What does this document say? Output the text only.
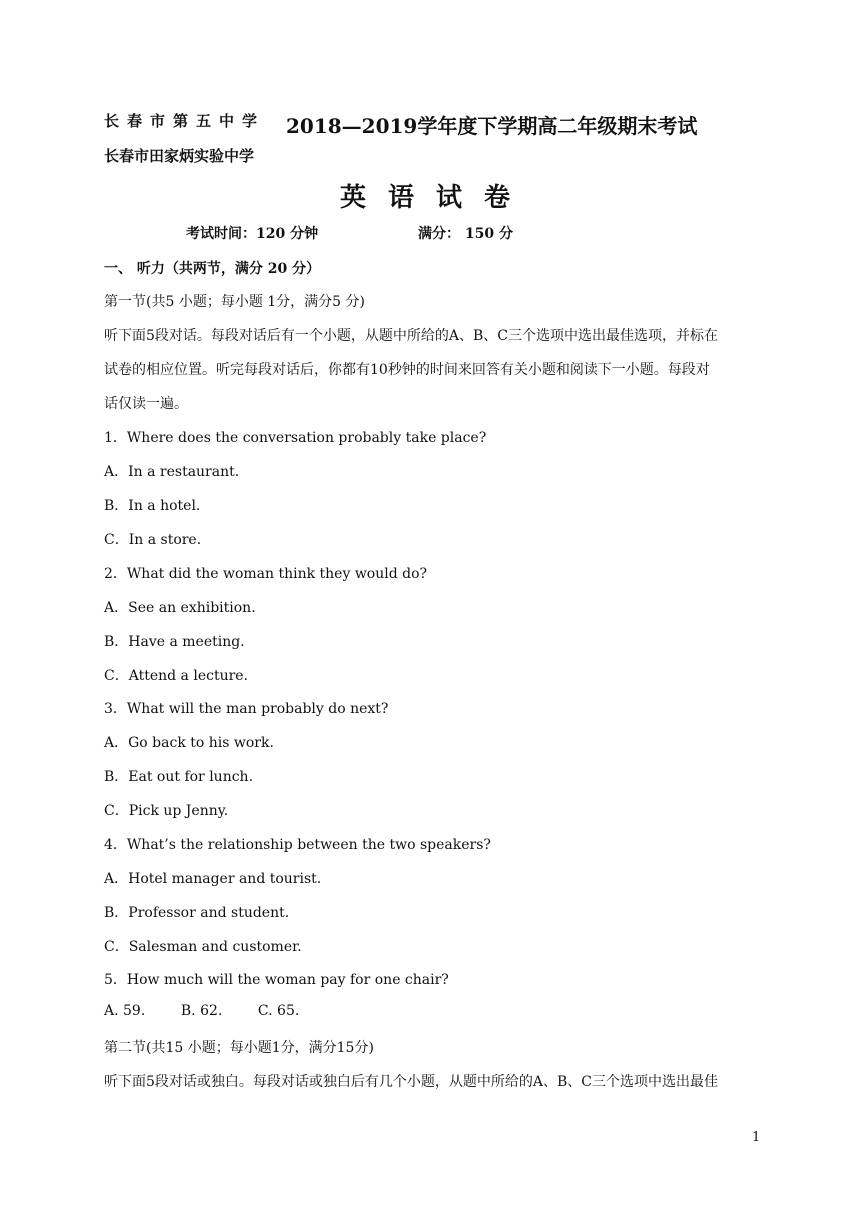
长春市第五中学 2018—2019学年度下学期高二年级期末考试
长春市田家炳实验中学
英语试卷
考试时间：120 分钟	满分： 150 分
一、 听力（共两节，满分 20 分）
第一节(共5 小题；每小题 1分，满分5 分)
听下面5段对话。每段对话后有一个小题，从题中所给的A、B、C三个选项中选出最佳选项，并标在
试卷的相应位置。听完每段对话后，你都有10秒钟的时间来回答有关小题和阅读下一小题。每段对
话仅读一遍。
1．Where does the conversation probably take place?
A．In a restaurant.
B．In a hotel.
C．In a store.
2．What did the woman think they would do?
A．See an exhibition.
B．Have a meeting.
C．Attend a lecture.
3．What will the man probably do next?
A．Go back to his work.
B．Eat out for lunch.
C．Pick up Jenny.
4．What’s the relationship between the two speakers?
A．Hotel manager and tourist.
B．Professor and student.
C．Salesman and customer.
5．How much will the woman pay for one chair?
A. 59.        B. 62.        C. 65.
第二节(共15 小题；每小题1分，满分15分)
听下面5段对话或独白。每段对话或独白后有几个小题，从题中所给的A、B、C三个选项中选出最佳
1
